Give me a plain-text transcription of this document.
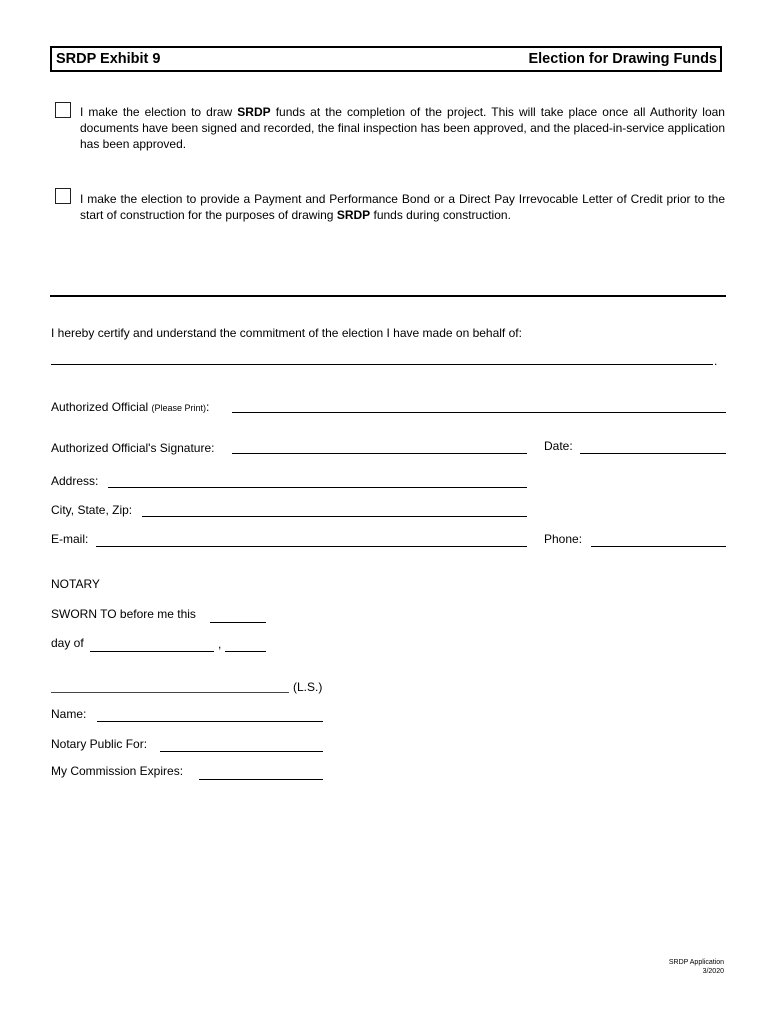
SRDP Exhibit 9	Election for Drawing Funds
I make the election to draw SRDP funds at the completion of the project. This will take place once all Authority loan documents have been signed and recorded, the final inspection has been approved, and the placed-in-service application has been approved.
I make the election to provide a Payment and Performance Bond or a Direct Pay Irrevocable Letter of Credit prior to the start of construction for the purposes of drawing SRDP funds during construction.
I hereby certify and understand the commitment of the election I have made on behalf of:
.
Authorized Official (Please Print):
Authorized Official's Signature:	Date:
Address:
City, State, Zip:
E-mail:	Phone:
NOTARY
SWORN TO before me this
day of	,
(L.S.)
Name:
Notary Public For:
My Commission Expires:
SRDP Application
3/2020
